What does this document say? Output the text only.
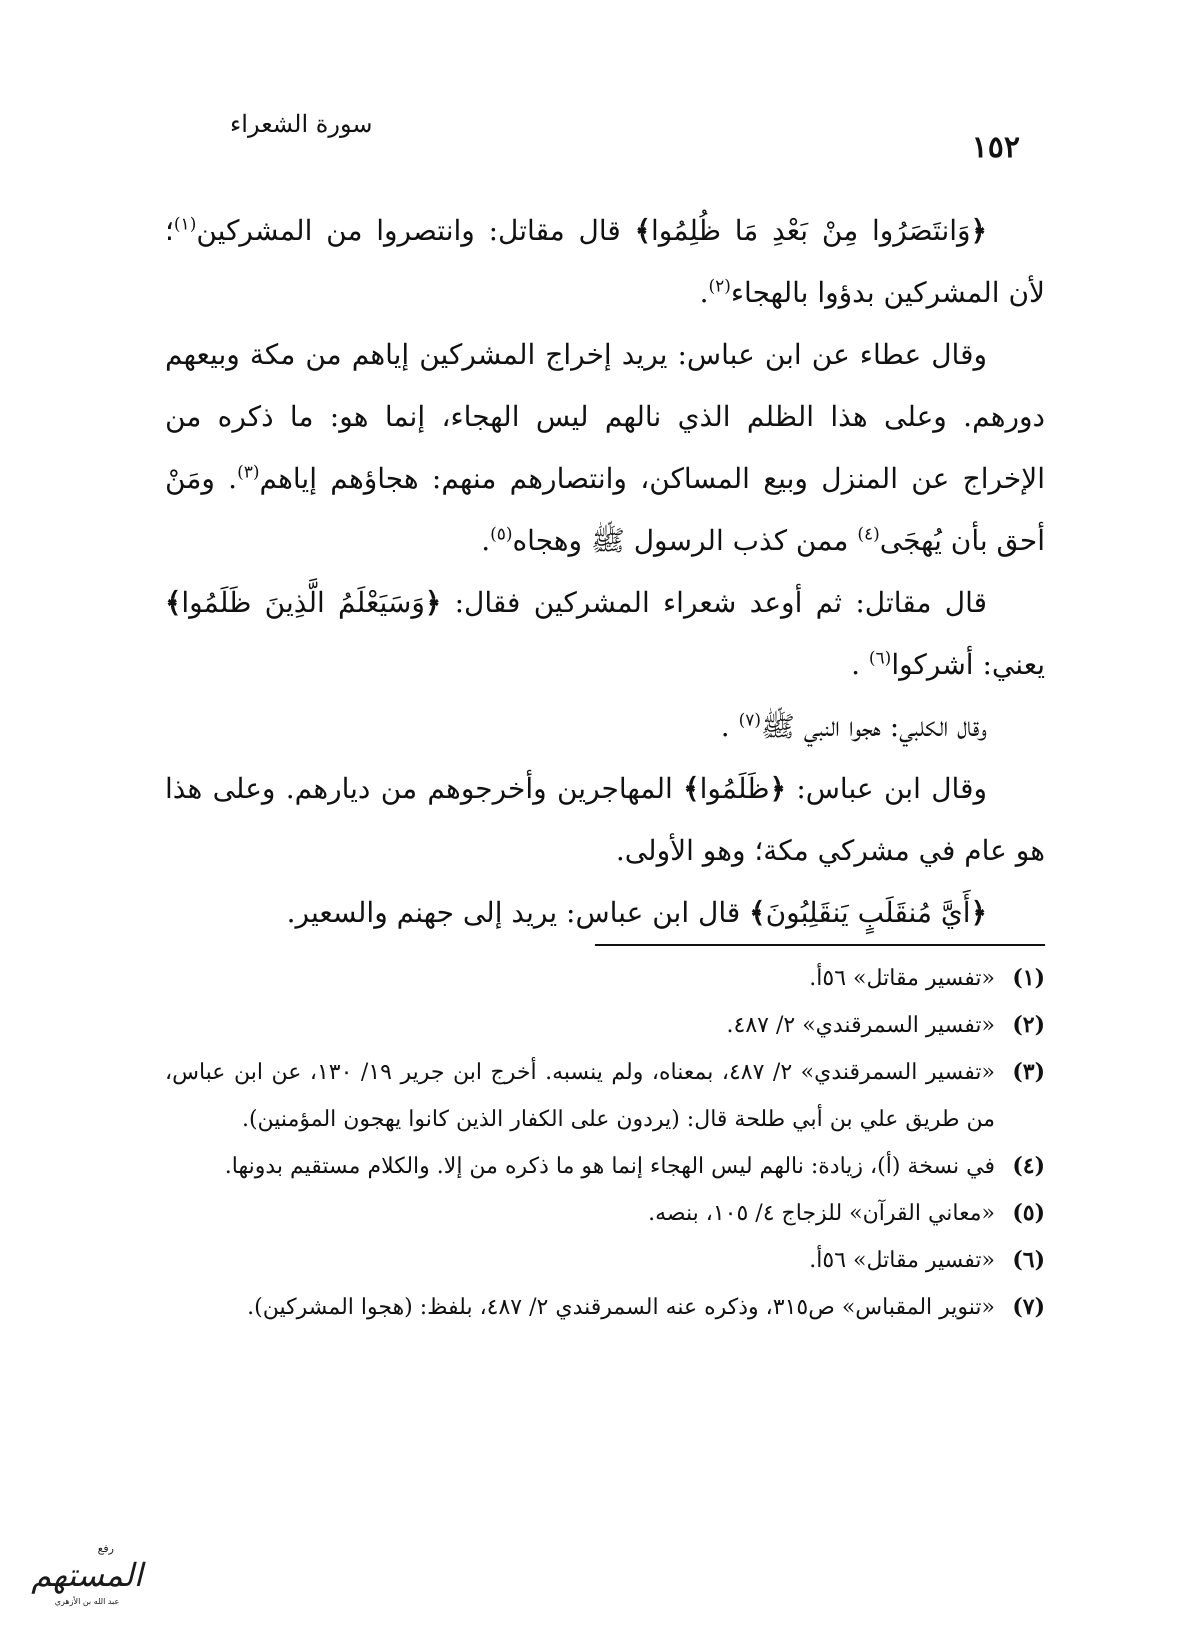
١٥٢
سورة الشعراء

﴿وَانتَصَرُوا مِنْ بَعْدِ مَا ظُلِمُوا﴾ قال مقاتل: وانتصروا من المشركين$^{(١)}$؛ لأن المشركين بدؤوا بالهجاء$^{(٢)}$.

وقال عطاء عن ابن عباس: يريد إخراج المشركين إياهم من مكة وبيعهم دورهم. وعلى هذا الظلم الذي نالهم ليس الهجاء، إنما هو: ما ذكره من الإخراج عن المنزل وبيع المساكن، وانتصارهم منهم: هجاؤهم إياهم$^{(٣)}$. ومَنْ أحق بأن يُهجَى$^{(٤)}$ ممن كذب الرسول ﷺ وهجاه$^{(٥)}$.

قال مقاتل: ثم أوعد شعراء المشركين فقال: ﴿وَسَيَعْلَمُ الَّذِينَ ظَلَمُوا﴾ يعني: أشركوا$^{(٦)}$ .

وقال الكلبي: هجوا النبي ﷺ$^{(٧)}$ .

وقال ابن عباس: ﴿ظَلَمُوا﴾ المهاجرين وأخرجوهم من ديارهم. وعلى هذا هو عام في مشركي مكة؛ وهو الأولى.

﴿أَيَّ مُنقَلَبٍ يَنقَلِبُونَ﴾ قال ابن عباس: يريد إلى جهنم والسعير.

(١)
«تفسير مقاتل» ٥٦أ.
(٢)
«تفسير السمرقندي» ٢/ ٤٨٧.
(٣)
«تفسير السمرقندي» ٢/ ٤٨٧، بمعناه، ولم ينسبه. أخرج ابن جرير ١٩/ ١٣٠، عن ابن عباس، من طريق علي بن أبي طلحة قال: (يردون على الكفار الذين كانوا يهجون المؤمنين).
(٤)
في نسخة (أ)، زيادة: نالهم ليس الهجاء إنما هو ما ذكره من إلا. والكلام مستقيم بدونها.
(٥)
«معاني القرآن» للزجاج ٤/ ١٠٥، بنصه.
(٦)
«تفسير مقاتل» ٥٦أ.
(٧)
«تنوير المقباس» ص٣١٥، وذكره عنه السمرقندي ٢/ ٤٨٧، بلفظ: (هجوا المشركين).
رفع
المستهم
عبد الله بن الأزهري
